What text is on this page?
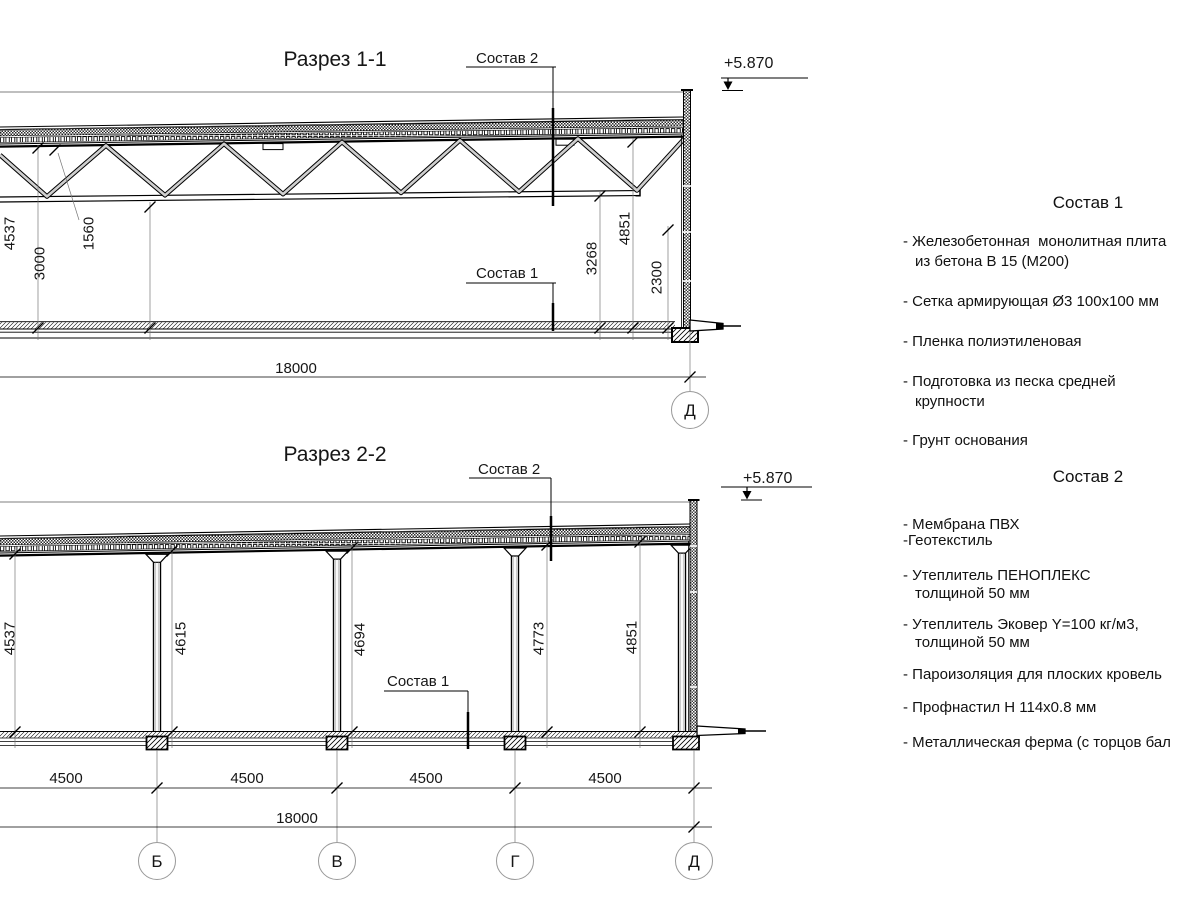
Разрез 1-1	Состав 2
Состав 1
+5.870
4537	1560
3000	3268
4851
2300
18000
Д
Разрез 2-2
Состав 2
Состав 1
+5.870
4537	4615	4694	4773	4851
4500	4500	4500	4500
18000
Б	В	Г	Д
Состав 1
Состав 2
- Железобетонная  монолитная плита
из бетона В 15 (М200)
- Сетка армирующая Ø3 100х100 мм
- Пленка полиэтиленовая
- Подготовка из песка средней
крупности
- Грунт основания
- Мембрана ПВХ
-Геотекстиль
- Утеплитель ПЕНОПЛЕКС
толщиной 50 мм
- Утеплитель Эковер Y=100 кг/м3,
толщиной 50 мм
- Пароизоляция для плоских кровель
- Профнастил Н 114х0.8 мм
- Металлическая ферма (с торцов бал
